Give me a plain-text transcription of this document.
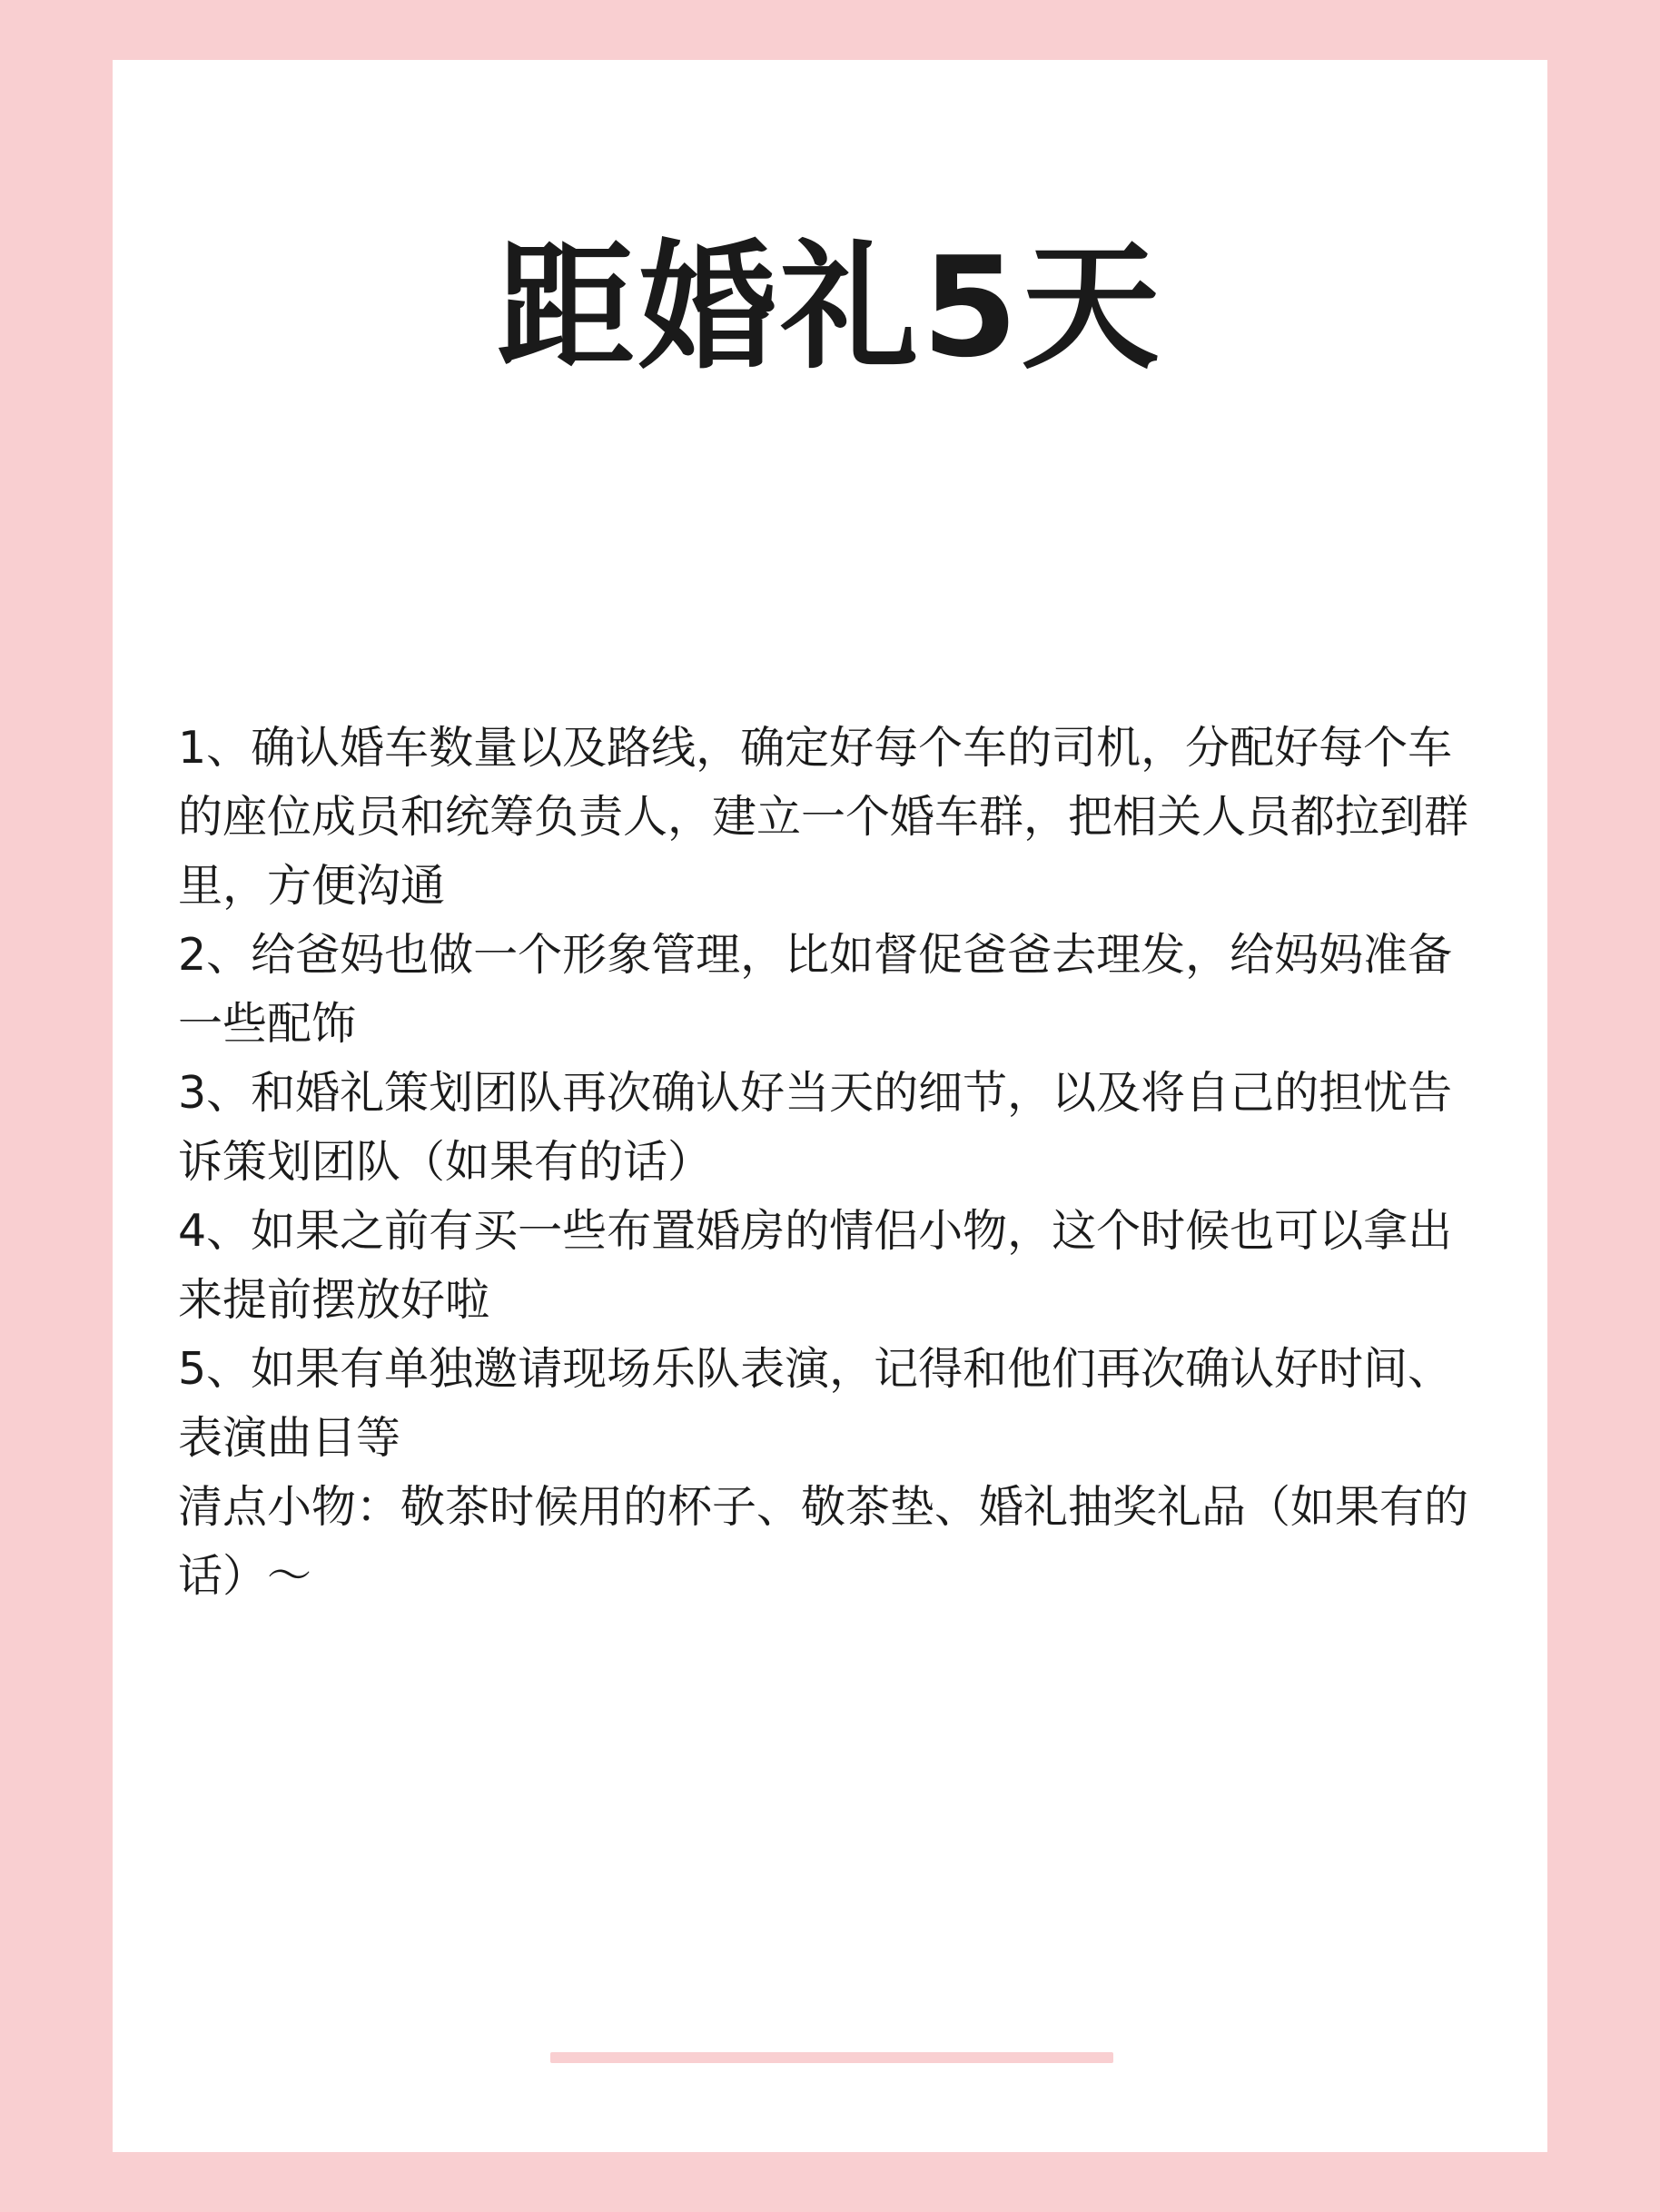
距婚礼5天

1、确认婚车数量以及路线，确定好每个车的司机，分配好每个车的座位成员和统筹负责人，建立一个婚车群，把相关人员都拉到群里，方便沟通

2、给爸妈也做一个形象管理，比如督促爸爸去理发，给妈妈准备一些配饰

3、和婚礼策划团队再次确认好当天的细节，以及将自己的担忧告诉策划团队（如果有的话）

4、如果之前有买一些布置婚房的情侣小物，这个时候也可以拿出来提前摆放好啦

5、如果有单独邀请现场乐队表演，记得和他们再次确认好时间、表演曲目等

清点小物：敬茶时候用的杯子、敬茶垫、婚礼抽奖礼品（如果有的话）～
